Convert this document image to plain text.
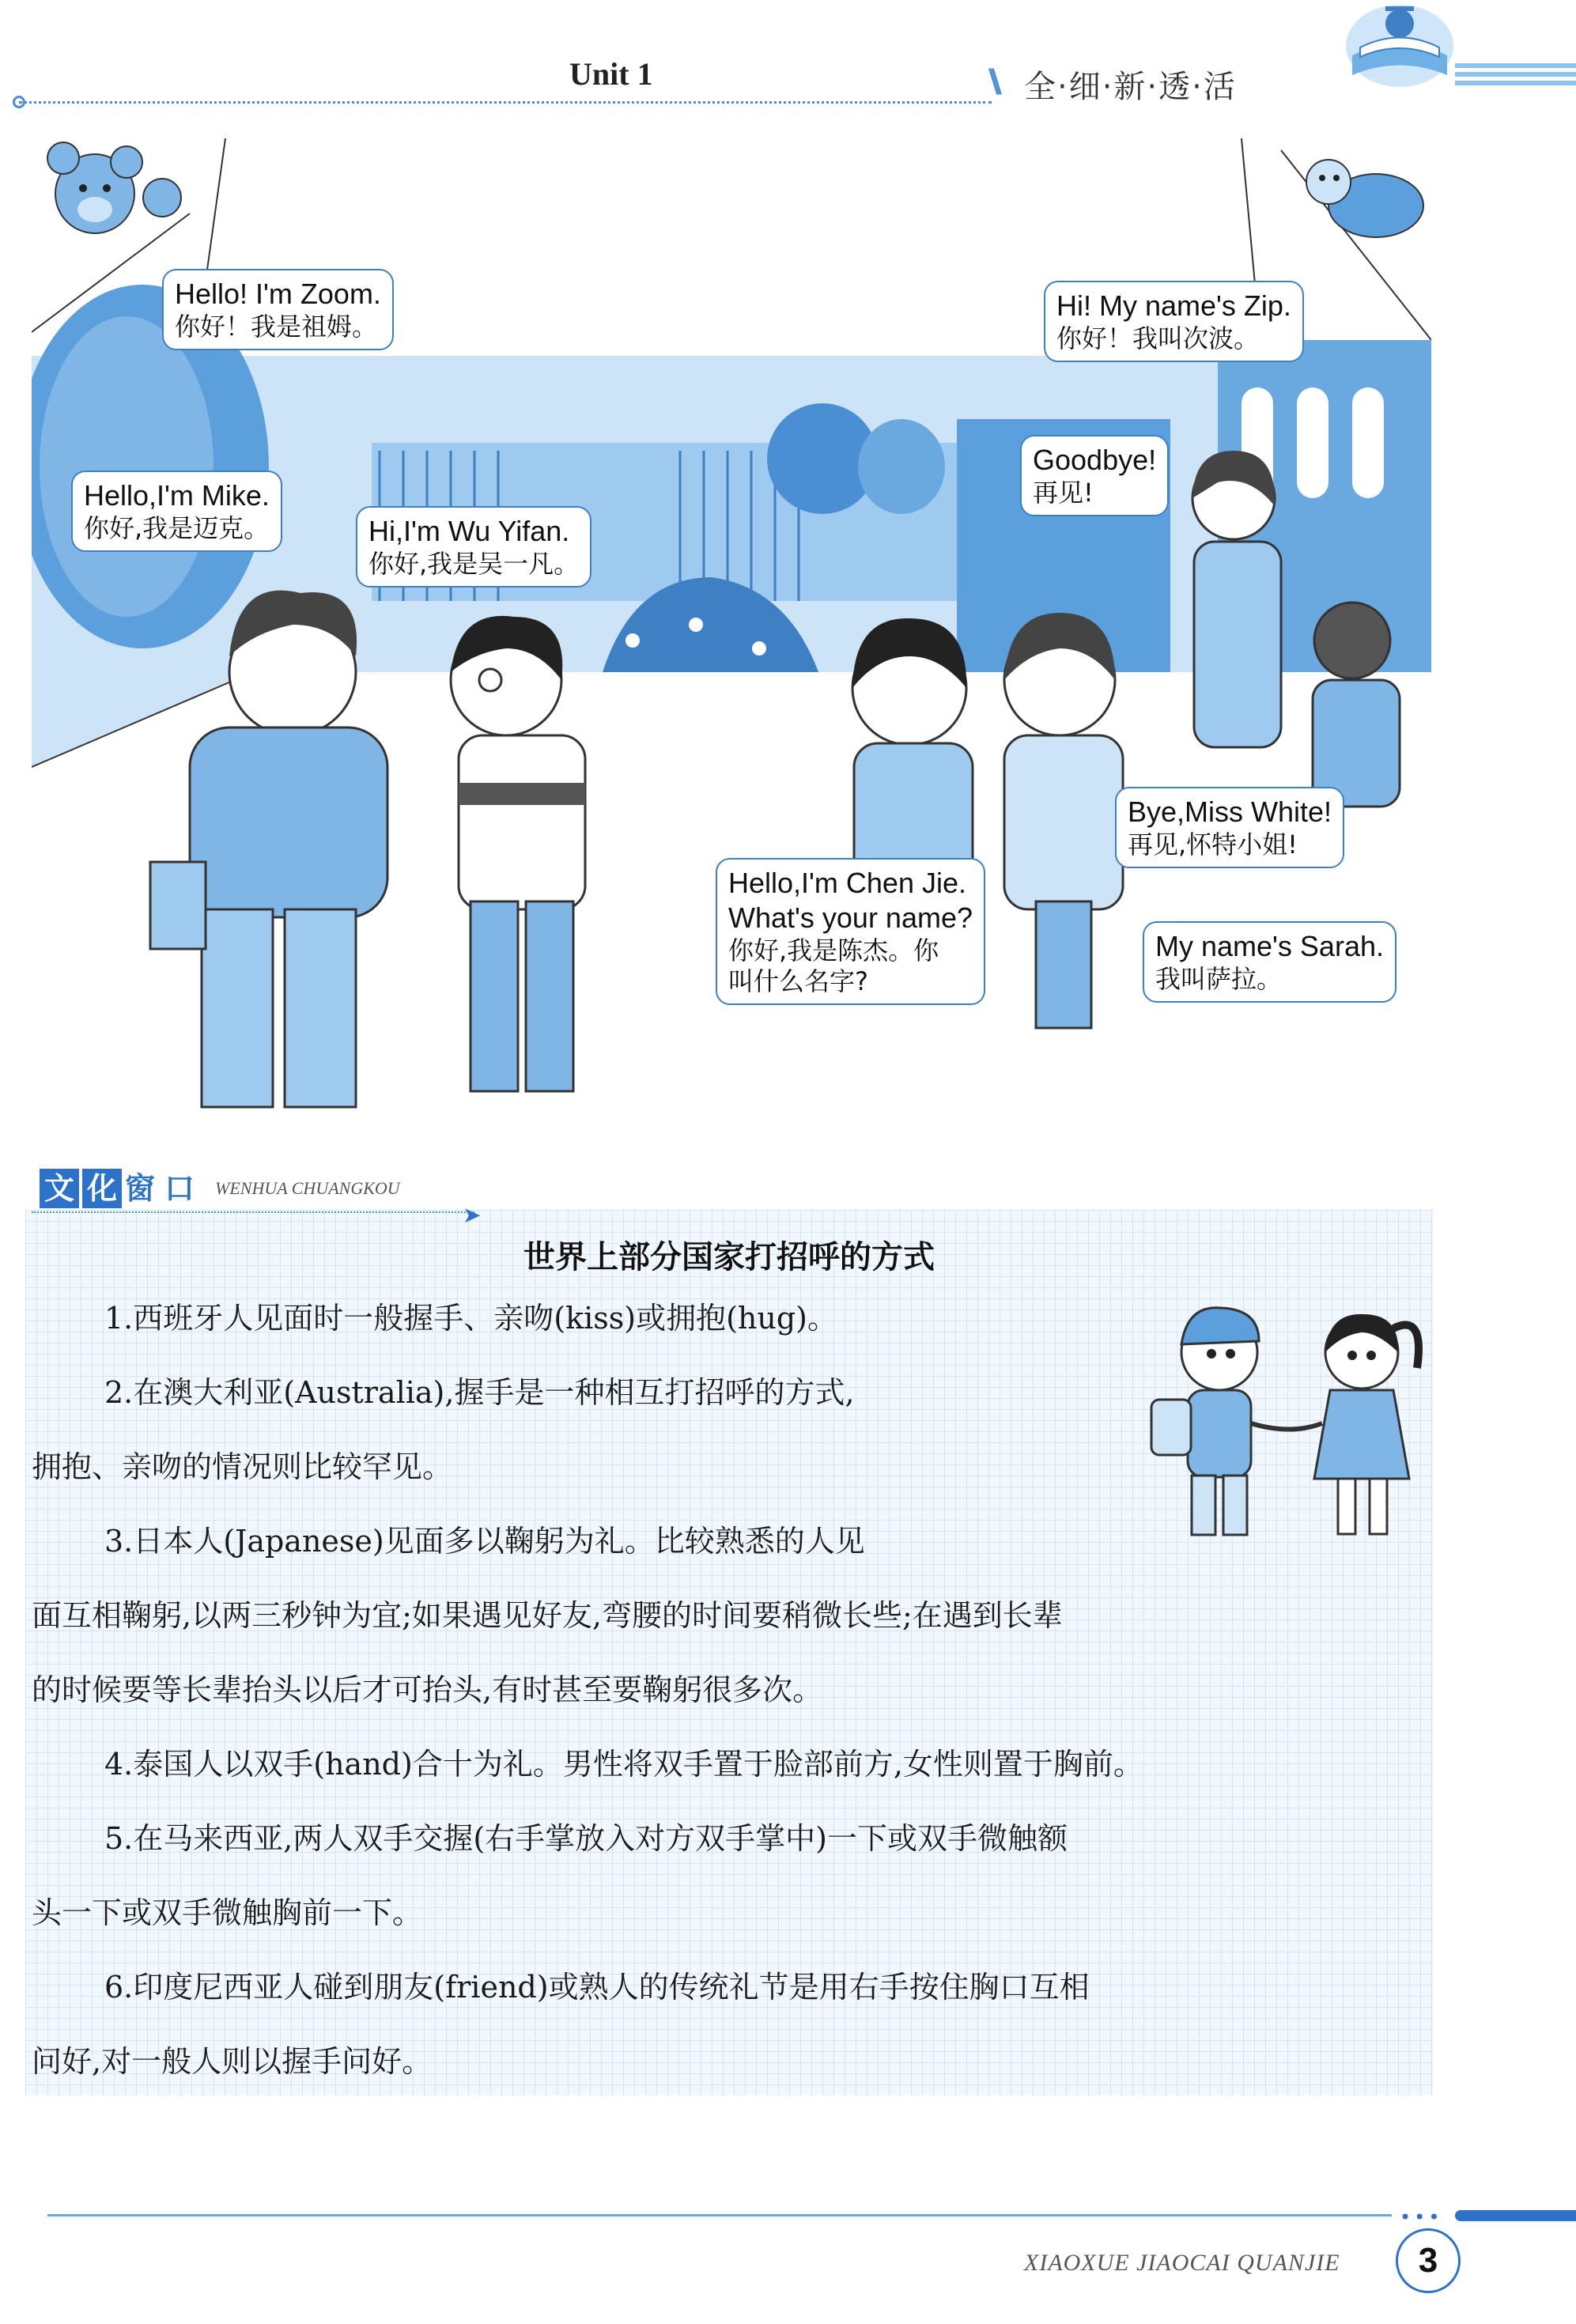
Unit 1	\\ 全·细·新·透·活
Hello! I'm Zoom.
你好！我是祖姆。
Hi! My name's Zip.
你好！我叫次波。
Hello,I'm Mike.
你好,我是迈克。	Hi,I'm Wu Yifan.
你好,我是吴一凡。
Goodbye!
再见!
Bye,Miss White!
再见,怀特小姐!
Hello,I'm Chen Jie.
What's your name?
你好,我是陈杰。你
叫什么名字?
My name's Sarah.
我叫萨拉。
世界上部分国家打招呼的方式
1.西班牙人见面时一般握手、亲吻(kiss)或拥抱(hug)。
2.在澳大利亚(Australia),握手是一种相互打招呼的方式,
拥抱、亲吻的情况则比较罕见。
3.日本人(Japanese)见面多以鞠躬为礼。比较熟悉的人见
面互相鞠躬,以两三秒钟为宜;如果遇见好友,弯腰的时间要稍微长些;在遇到长辈
的时候要等长辈抬头以后才可抬头,有时甚至要鞠躬很多次。
4.泰国人以双手(hand)合十为礼。男性将双手置于脸部前方,女性则置于胸前。
5.在马来西亚,两人双手交握(右手掌放入对方双手掌中)一下或双手微触额
头一下或双手微触胸前一下。
6.印度尼西亚人碰到朋友(friend)或熟人的传统礼节是用右手按住胸口互相
问好,对一般人则以握手问好。
文 化 窗 口 WENHUA CHUANGKOU
➤
•••
XIAOXUE JIAOCAI QUANJIE	3
